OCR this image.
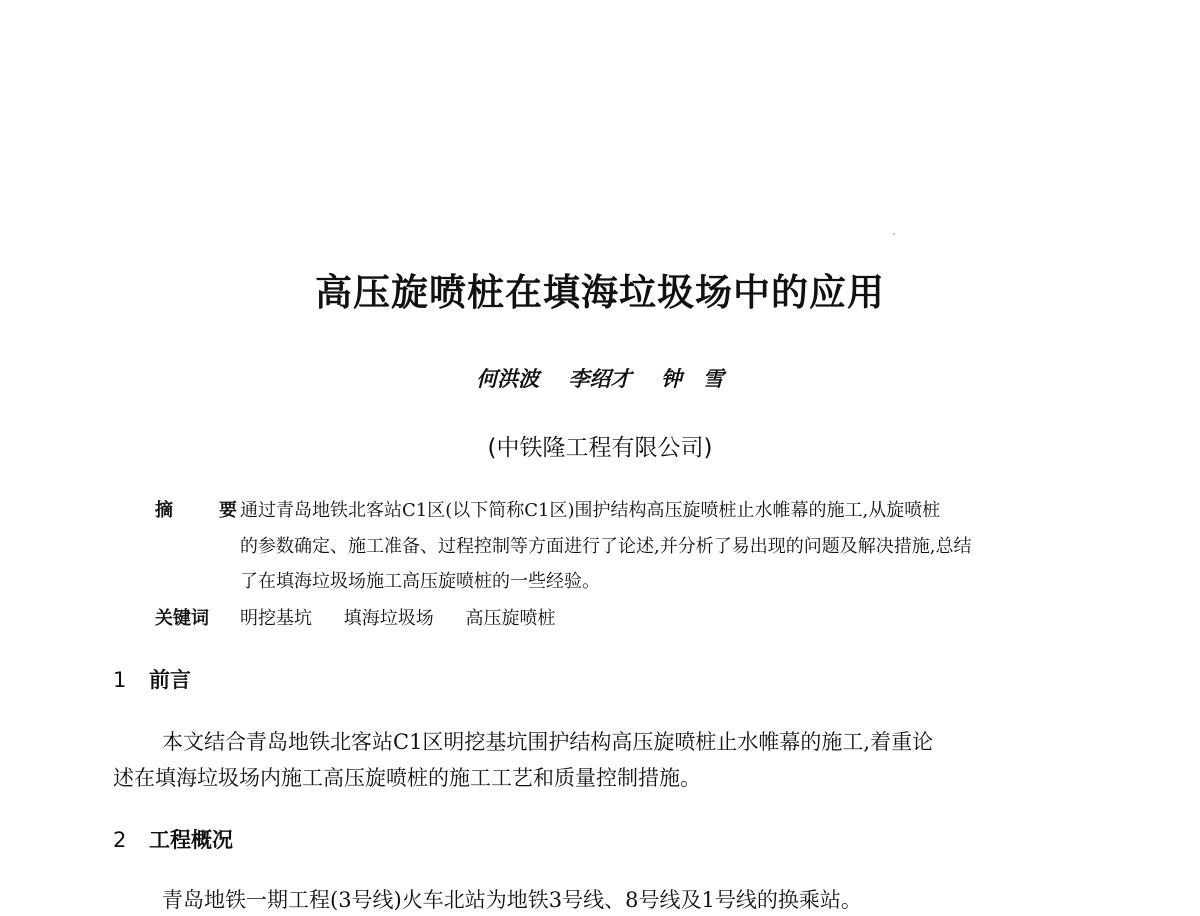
高压旋喷桩在填海垃圾场中的应用
何洪波 李绍才 钟　雪
(中铁隆工程有限公司)
摘　要
通过青岛地铁北客站C1区(以下简称C1区)围护结构高压旋喷桩止水帷幕的施工,从旋喷桩
的参数确定、施工准备、过程控制等方面进行了论述,并分析了易出现的问题及解决措施,总结
了在填海垃圾场施工高压旋喷桩的一些经验。
关键词 明挖基坑 填海垃圾场 高压旋喷桩
1 前言
本文结合青岛地铁北客站C1区明挖基坑围护结构高压旋喷桩止水帷幕的施工,着重论
述在填海垃圾场内施工高压旋喷桩的施工工艺和质量控制措施。
2 工程概况
青岛地铁一期工程(3号线)火车北站为地铁3号线、8号线及1号线的换乘站。
